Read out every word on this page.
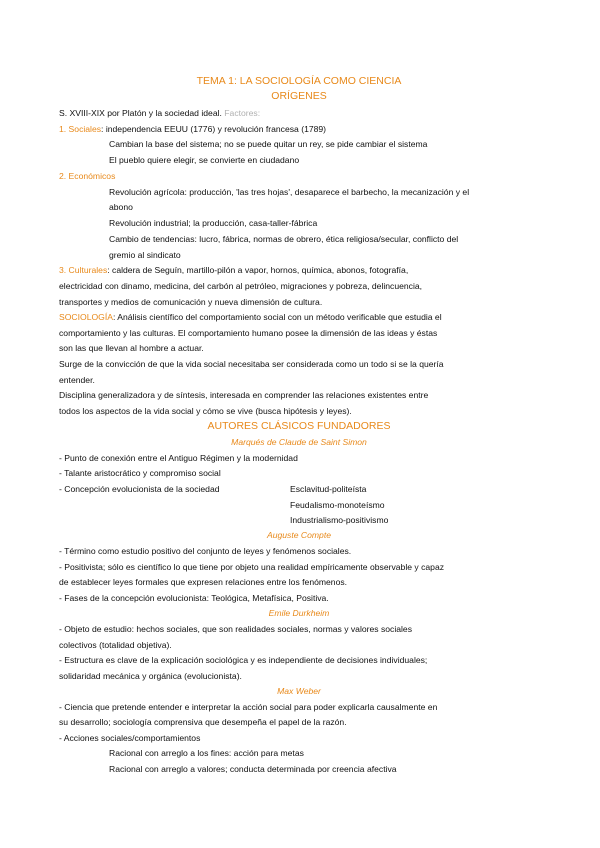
TEMA 1: LA SOCIOLOGÍA COMO CIENCIA
ORÍGENES
S. XVIII-XIX por Platón y la sociedad ideal. Factores:
1. Sociales: independencia EEUU (1776) y revolución francesa (1789)
Cambian la base del sistema; no se puede quitar un rey, se pide cambiar el sistema
El pueblo quiere elegir, se convierte en ciudadano
2. Económicos
Revolución agrícola: producción, 'las tres hojas', desaparece el barbecho, la mecanización y el
abono
Revolución industrial; la producción, casa-taller-fábrica
Cambio de tendencias: lucro, fábrica, normas de obrero, ética religiosa/secular, conflicto del
gremio al sindicato
3. Culturales: caldera de Seguín, martillo-pilón a vapor, hornos, química, abonos, fotografía,
electricidad con dinamo, medicina, del carbón al petróleo, migraciones y pobreza, delincuencia,
transportes y medios de comunicación y nueva dimensión de cultura.
SOCIOLOGÍA: Análisis científico del comportamiento social con un método verificable que estudia el
comportamiento y las culturas. El comportamiento humano posee la dimensión de las ideas y éstas
son las que llevan al hombre a actuar.
Surge de la convicción de que la vida social necesitaba ser considerada como un todo si se la quería
entender.
Disciplina generalizadora y de síntesis, interesada en comprender las relaciones existentes entre
todos los aspectos de la vida social y cómo se vive (busca hipótesis y leyes).
AUTORES CLÁSICOS FUNDADORES
Marqués de Claude de Saint Simon
- Punto de conexión entre el Antiguo Régimen y la modernidad
- Talante aristocrático y compromiso social
- Concepción evolucionista de la sociedad	Esclavitud-politeísta
Feudalismo-monoteísmo
Industrialismo-positivismo
Auguste Compte
- Término como estudio positivo del conjunto de leyes y fenómenos sociales.
- Positivista; sólo es científico lo que tiene por objeto una realidad empíricamente observable y capaz
de establecer leyes formales que expresen relaciones entre los fenómenos.
- Fases de la concepción evolucionista: Teológica, Metafísica, Positiva.
Emile Durkheim
- Objeto de estudio: hechos sociales, que son realidades sociales, normas y valores sociales
colectivos (totalidad objetiva).
- Estructura es clave de la explicación sociológica y es independiente de decisiones individuales;
solidaridad mecánica y orgánica (evolucionista).
Max Weber
- Ciencia que pretende entender e interpretar la acción social para poder explicarla causalmente en
su desarrollo; sociología comprensiva que desempeña el papel de la razón.
- Acciones sociales/comportamientos
Racional con arreglo a los fines: acción para metas
Racional con arreglo a valores; conducta determinada por creencia afectiva
